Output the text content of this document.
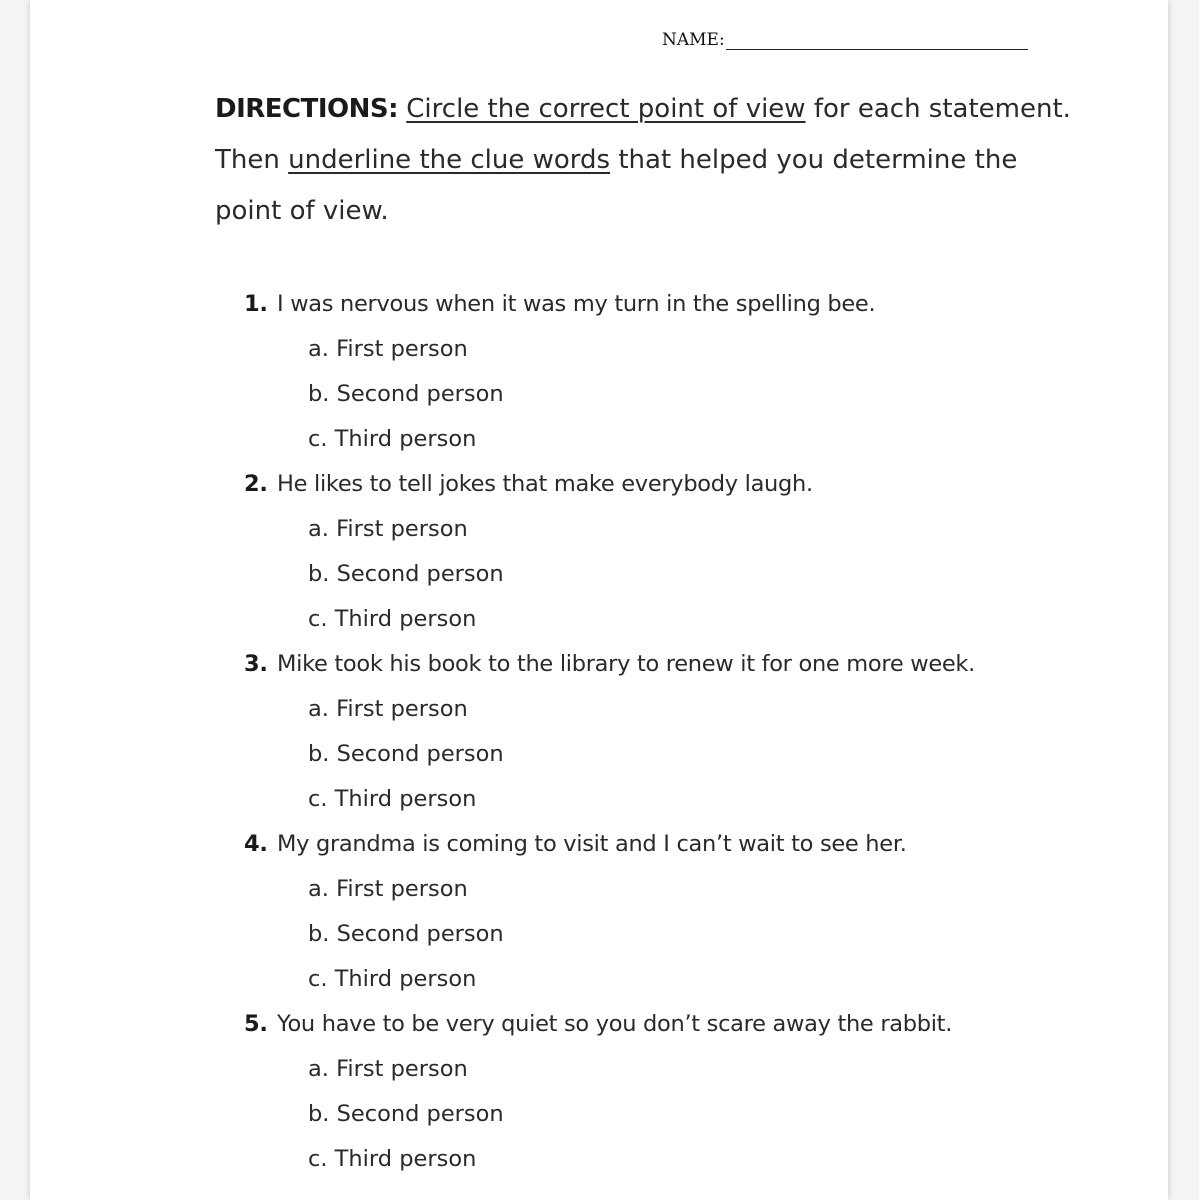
NAME:
DIRECTIONS: Circle the correct point of view for each statement. Then underline the clue words that helped you determine the point of view.
1. I was nervous when it was my turn in the spelling bee.
a. First person
b. Second person
c. Third person
2. He likes to tell jokes that make everybody laugh.
a. First person
b. Second person
c. Third person
3. Mike took his book to the library to renew it for one more week.
a. First person
b. Second person
c. Third person
4. My grandma is coming to visit and I can’t wait to see her.
a. First person
b. Second person
c. Third person
5. You have to be very quiet so you don’t scare away the rabbit.
a. First person
b. Second person
c. Third person
